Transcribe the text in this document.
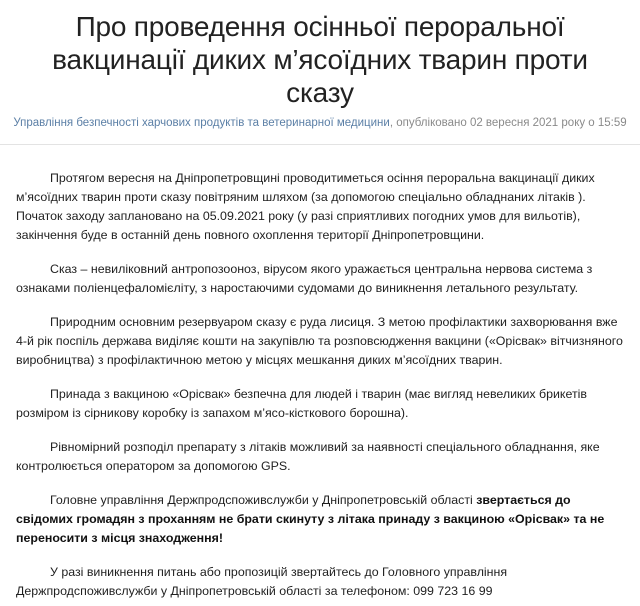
Про проведення осінньої пероральної вакцинації диких м’ясоїдних тварин проти сказу
Управління безпечності харчових продуктів та ветеринарної медицини, опубліковано 02 вересня 2021 року о 15:59

Протягом вересня на Дніпропетровщині проводитиметься осіння пероральна вакцинації диких м’ясоїдних тварин проти сказу повітряним шляхом (за допомогою спеціально обладнаних літаків ). Початок заходу заплановано на 05.09.2021 року (у разі сприятливих погодних умов для вильотів), закінчення буде в останній день повного охоплення території Дніпропетровщини.

Сказ – невиліковний антропозооноз, вірусом якого уражається центральна нервова система з ознаками поліенцефаломієліту, з наростаючими судомами до виникнення летального результату.

Природним основним резервуаром сказу є руда лисиця. З метою профілактики захворювання вже 4-й рік поспіль держава виділяє кошти на закупівлю та розповсюдження вакцини («Орісвак» вітчизняного виробництва) з профілактичною метою у місцях мешкання диких м’ясоїдних тварин.

Принада з вакциною «Орісвак» безпечна для людей і тварин (має вигляд невеликих брикетів розміром із сірникову коробку із запахом м’ясо-кісткового борошна).

Рівномірний розподіл препарату з літаків можливий за наявності спеціального обладнання, яке контролюється оператором за допомогою GPS.

Головне управління Держпродспоживслужби у Дніпропетровській області звертається до свідомих громадян з проханням не брати скинуту з літака принаду з вакциною «Орісвак» та не переносити з місця знаходження!

У разі виникнення питань або пропозицій звертайтесь до Головного управління Держпродспоживслужби у Дніпропетровській області за телефоном: 099 723 16 99
